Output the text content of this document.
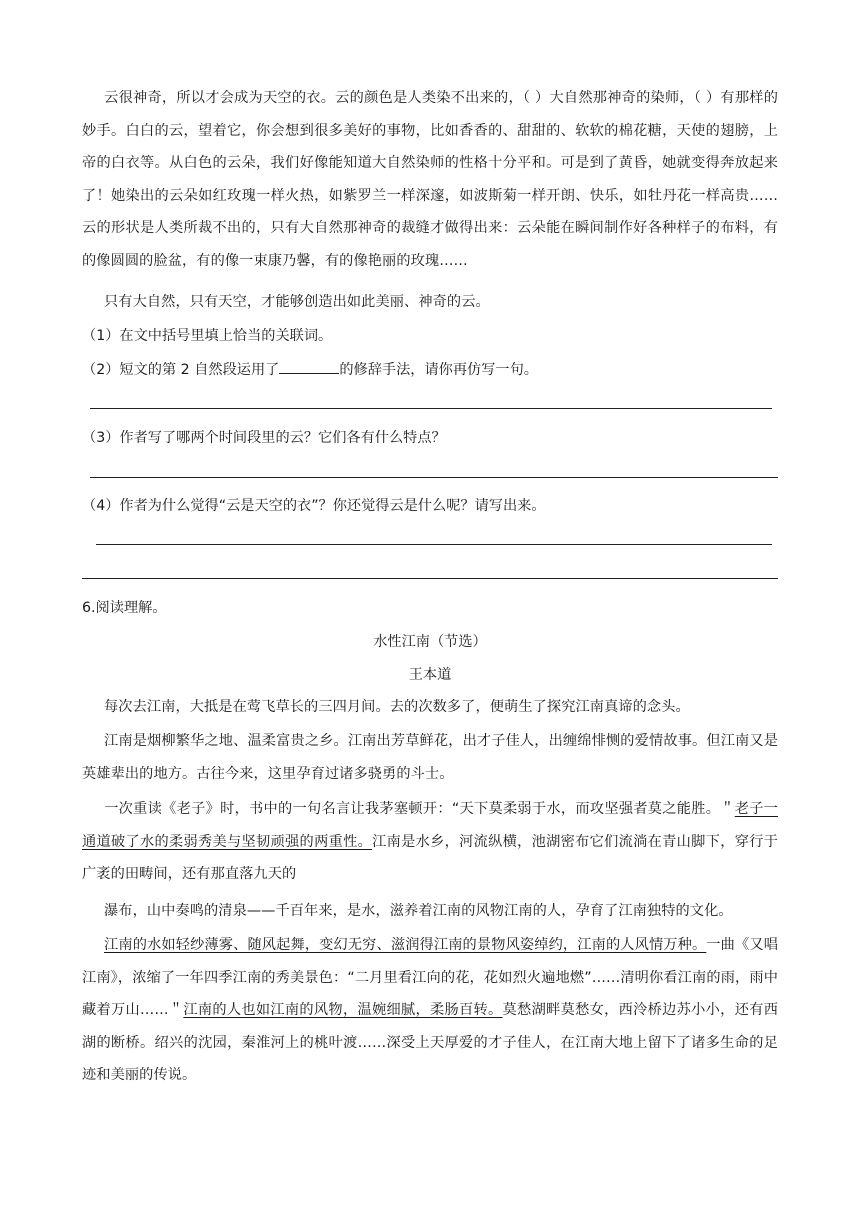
云很神奇，所以才会成为天空的衣。云的颜色是人类染不出来的，（ ）大自然那神奇的染师，（ ）有那样的妙手。白白的云，望着它，你会想到很多美好的事物，比如香香的、甜甜的、软软的棉花糖，天使的翅膀，上帝的白衣等。从白色的云朵，我们好像能知道大自然染师的性格十分平和。可是到了黄昏，她就变得奔放起来了！她染出的云朵如红玫瑰一样火热，如紫罗兰一样深邃，如波斯菊一样开朗、快乐，如牡丹花一样高贵……云的形状是人类所裁不出的，只有大自然那神奇的裁缝才做得出来：云朵能在瞬间制作好各种样子的布料，有的像圆圆的脸盆，有的像一束康乃馨，有的像艳丽的玫瑰……

只有大自然，只有天空，才能够创造出如此美丽、神奇的云。

（1）在文中括号里填上恰当的关联词。
（2）短文的第 2 自然段运用了	的修辞手法，请你再仿写一句。
（3）作者写了哪两个时间段里的云？它们各有什么特点？
（4）作者为什么觉得“云是天空的衣”？你还觉得云是什么呢？请写出来。
6.阅读理解。
水性江南（节选）
王本道

每次去江南，大抵是在莺飞草长的三四月间。去的次数多了，便萌生了探究江南真谛的念头。

江南是烟柳繁华之地、温柔富贵之乡。江南出芳草鲜花，出才子佳人，出缠绵悱恻的爱情故事。但江南又是英雄辈出的地方。古往今来，这里孕育过诸多骁勇的斗士。

一次重读《老子》时，书中的一句名言让我茅塞顿开：“天下莫柔弱于水，而攻坚强者莫之能胜。＂老子一通道破了水的柔弱秀美与坚韧顽强的两重性。江南是水乡，河流纵横，池湖密布它们流淌在青山脚下，穿行于广袤的田畴间，还有那直落九天的

瀑布，山中奏鸣的清泉——千百年来，是水，滋养着江南的风物江南的人，孕育了江南独特的文化。

江南的水如轻纱薄雾、随风起舞，变幻无穷、滋润得江南的景物风姿绰约，江南的人风情万种。一曲《又唱江南》，浓缩了一年四季江南的秀美景色：“二月里看江向的花，花如烈火遍地燃”……清明你看江南的雨，雨中藏着万山……＂江南的人也如江南的风物，温婉细腻，柔肠百转。莫愁湖畔莫愁女，西泠桥边苏小小，还有西湖的断桥。绍兴的沈园，秦淮河上的桃叶渡……深受上天厚爱的才子佳人，在江南大地上留下了诸多生命的足迹和美丽的传说。
